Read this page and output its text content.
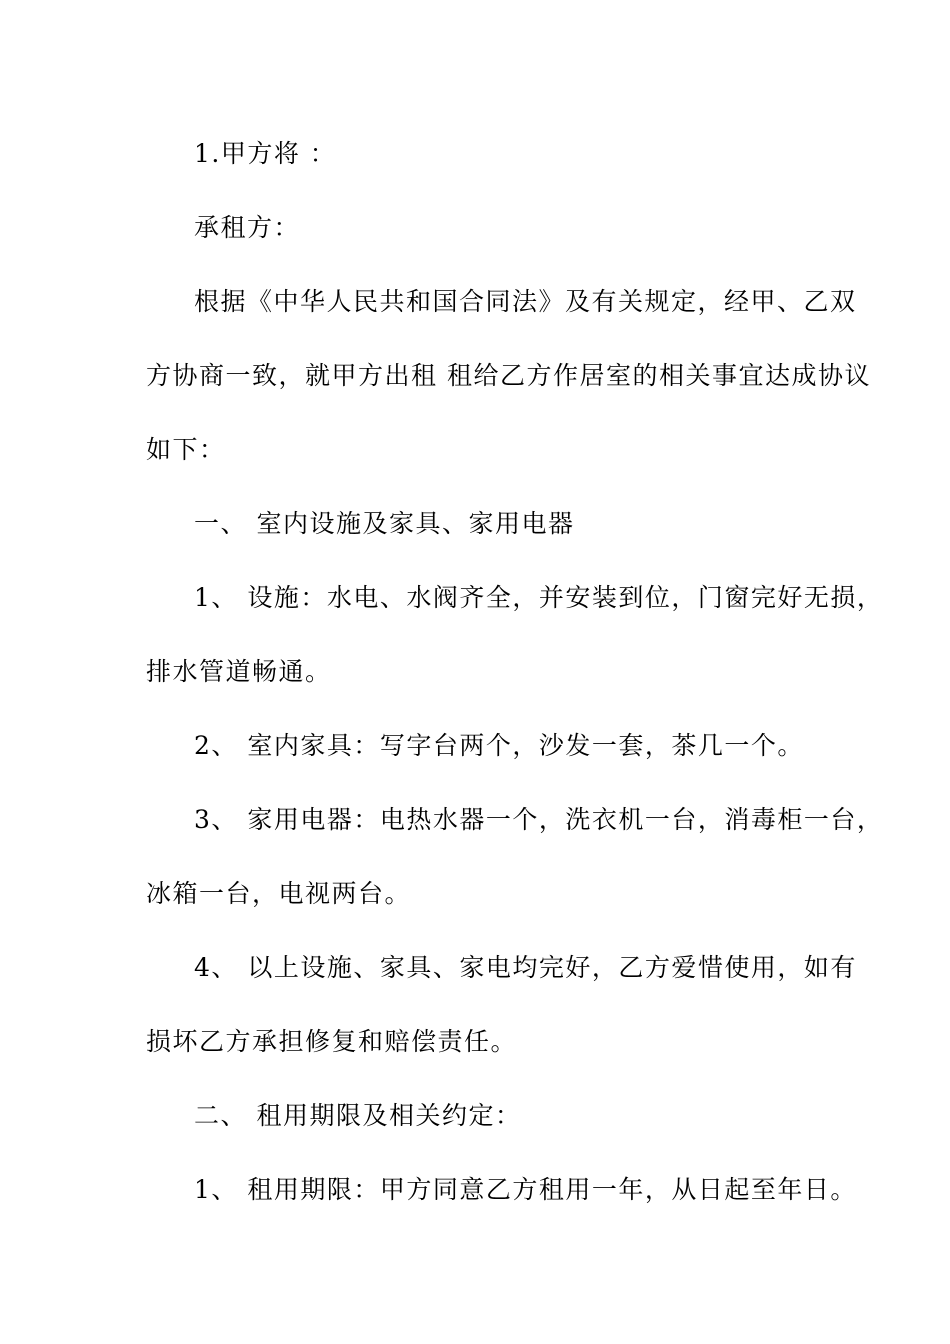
1.甲方将 ：
承租方：
根据《中华人民共和国合同法》及有关规定，经甲、乙双
方协商一致，就甲方出租 租给乙方作居室的相关事宜达成协议
如下：
一、 室内设施及家具、家用电器
1、 设施：水电、水阀齐全，并安装到位，门窗完好无损，
排水管道畅通。
2、 室内家具：写字台两个，沙发一套，茶几一个。
3、 家用电器：电热水器一个，洗衣机一台，消毒柜一台，
冰箱一台，电视两台。
4、 以上设施、家具、家电均完好，乙方爱惜使用，如有
损坏乙方承担修复和赔偿责任。
二、 租用期限及相关约定：
1、 租用期限：甲方同意乙方租用一年，从日起至年日。
